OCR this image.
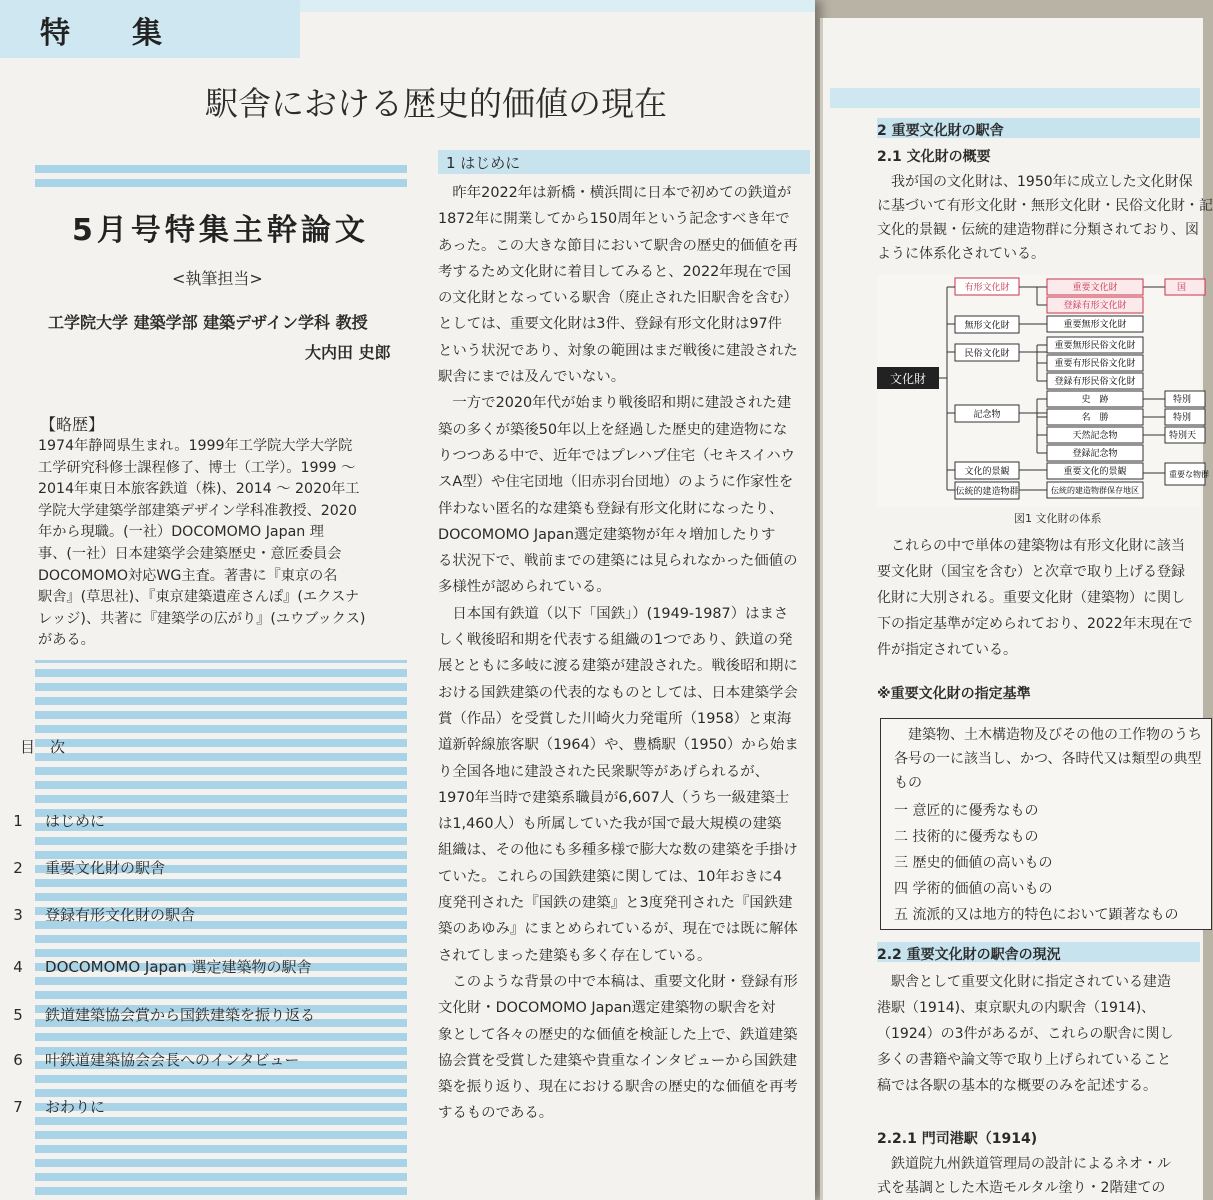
特　集
駅舎における歴史的価値の現在
5月号特集主幹論文
<執筆担当>
工学院大学 建築学部 建築デザイン学科 教授
大内田 史郎
【略歴】
1974年静岡県生まれ。1999年工学院大学大学院
工学研究科修士課程修了、博士（工学）。1999 ～
2014年東日本旅客鉄道（株)、2014 ～ 2020年工
学院大学建築学部建築デザイン学科准教授、2020
年から現職。(一社）DOCOMOMO Japan 理
事、(一社）日本建築学会建築歴史・意匠委員会
DOCOMOMO対応WG主査。著書に『東京の名
駅舎』(草思社)、『東京建築遺産さんぽ』(エクスナ
レッジ)、共著に『建築学の広がり』(ユウブックス)
がある。
目　次
1　 はじめに
2　 重要文化財の駅舎
3　 登録有形文化財の駅舎
4　 DOCOMOMO Japan 選定建築物の駅舎
5　 鉄道建築協会賞から国鉄建築を振り返る
6　 叶鉄道建築協会会長へのインタビュー
7　 おわりに
1 はじめに
　昨年2022年は新橋・横浜間に日本で初めての鉄道が
1872年に開業してから150周年という記念すべき年で
あった。この大きな節目において駅舎の歴史的価値を再
考するため文化財に着目してみると、2022年現在で国
の文化財となっている駅舎（廃止された旧駅舎を含む）
としては、重要文化財は3件、登録有形文化財は97件
という状況であり、対象の範囲はまだ戦後に建設された
駅舎にまでは及んでいない。
　一方で2020年代が始まり戦後昭和期に建設された建
築の多くが築後50年以上を経過した歴史的建造物にな
りつつある中で、近年ではプレハブ住宅（セキスイハウ
スA型）や住宅団地（旧赤羽台団地）のように作家性を
伴わない匿名的な建築も登録有形文化財になったり、
DOCOMOMO Japan選定建築物が年々増加したりす
る状況下で、戦前までの建築には見られなかった価値の
多様性が認められている。
　日本国有鉄道（以下「国鉄」）(1949-1987）はまさ
しく戦後昭和期を代表する組織の1つであり、鉄道の発
展とともに多岐に渡る建築が建設された。戦後昭和期に
おける国鉄建築の代表的なものとしては、日本建築学会
賞（作品）を受賞した川崎火力発電所（1958）と東海
道新幹線旅客駅（1964）や、豊橋駅（1950）から始ま
り全国各地に建設された民衆駅等があげられるが、
1970年当時で建築系職員が6,607人（うち一級建築士
は1,460人）も所属していた我が国で最大規模の建築
組織は、その他にも多種多様で膨大な数の建築を手掛け
ていた。これらの国鉄建築に関しては、10年おきに4
度発刊された『国鉄の建築』と3度発刊された『国鉄建
築のあゆみ』にまとめられているが、現在では既に解体
されてしまった建築も多く存在している。
　このような背景の中で本稿は、重要文化財・登録有形
文化財・DOCOMOMO Japan選定建築物の駅舎を対
象として各々の歴史的な価値を検証した上で、鉄道建築
協会賞を受賞した建築や貴重なインタビューから国鉄建
築を振り返り、現在における駅舎の歴史的な価値を再考
するものである。
2 重要文化財の駅舎
2.1 文化財の概要
　我が国の文化財は、1950年に成立した文化財保
に基づいて有形文化財・無形文化財・民俗文化財・記
文化的景観・伝統的建造物群に分類されており、図
ように体系化されている。
文化財
有形文化財
無形文化財
民俗文化財
記念物
文化的景観
伝統的建造物群
重要文化財
登録有形文化財
重要無形文化財
重要無形民俗文化財
重要有形民俗文化財
登録有形民俗文化財
史　跡
名　勝
天然記念物
登録記念物
重要文化的景観
伝統的建造物群保存地区
国
特別
特別
特別天
重要な物群
図1 文化財の体系
　これらの中で単体の建築物は有形文化財に該当
要文化財（国宝を含む）と次章で取り上げる登録
化財に大別される。重要文化財（建築物）に関し
下の指定基準が定められており、2022年末現在で
件が指定されている。
※重要文化財の指定基準
　建築物、土木構造物及びその他の工作物のうち
各号の一に該当し、かつ、各時代又は類型の典型
もの
一 意匠的に優秀なもの
二 技術的に優秀なもの
三 歴史的価値の高いもの
四 学術的価値の高いもの
五 流派的又は地方的特色において顕著なもの
2.2 重要文化財の駅舎の現況
　駅舎として重要文化財に指定されている建造
港駅（1914)、東京駅丸の内駅舎（1914)、
（1924）の3件があるが、これらの駅舎に関し
多くの書籍や論文等で取り上げられていること
稿では各駅の基本的な概要のみを記述する。
2.2.1 門司港駅（1914)
　鉄道院九州鉄道管理局の設計によるネオ・ル
式を基調とした木造モルタル塗り・2階建ての
